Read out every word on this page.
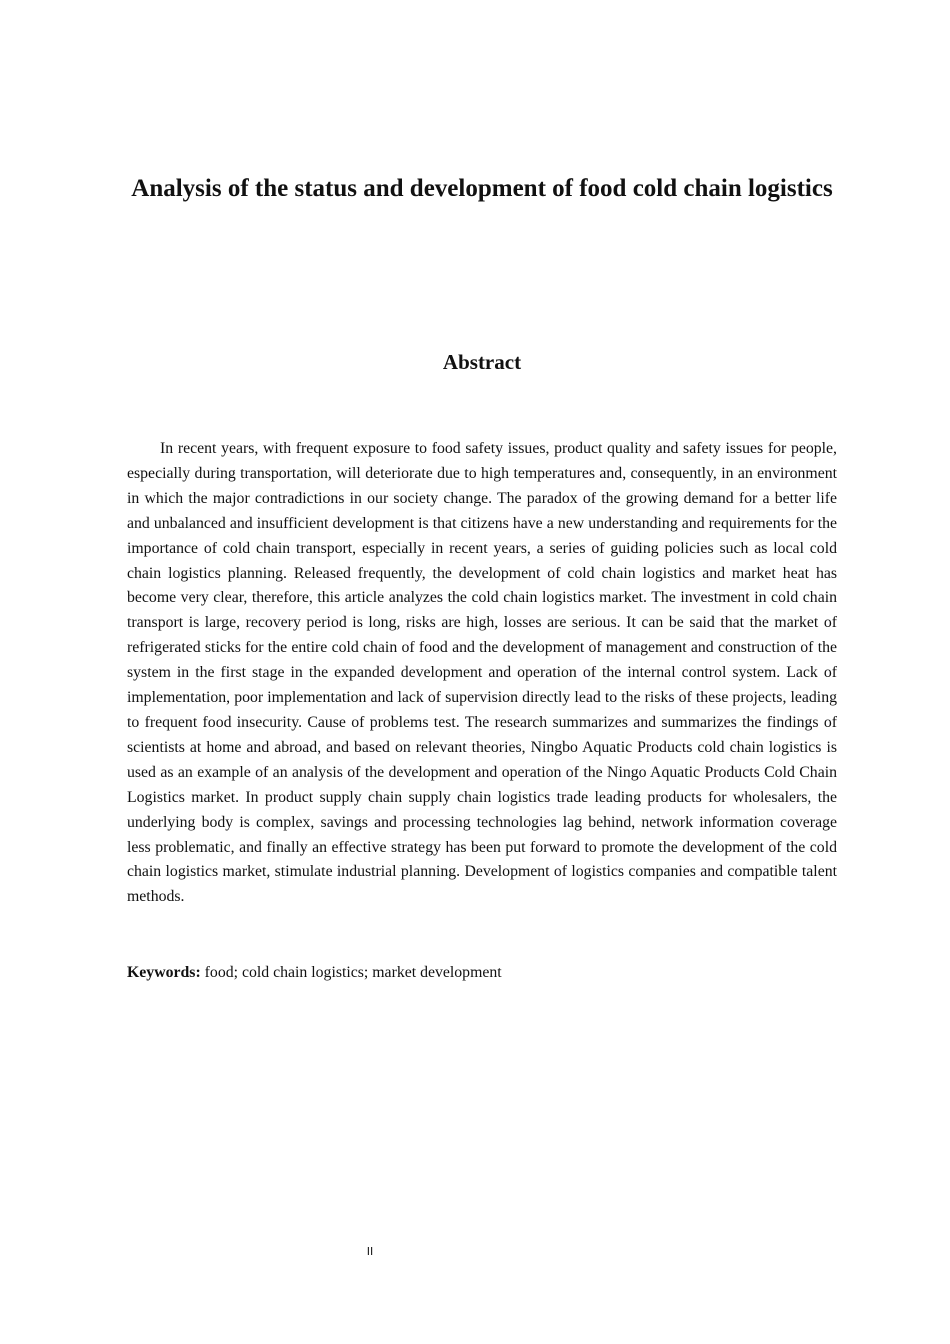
Analysis of the status and development of food cold chain logistics
Abstract

In recent years, with frequent exposure to food safety issues, product quality and safety issues for people, especially during transportation, will deteriorate due to high temperatures and, consequently, in an environment in which the major contradictions in our society change. The paradox of the growing demand for a better life and unbalanced and insufficient development is that citizens have a new understanding and requirements for the importance of cold chain transport, especially in recent years, a series of guiding policies such as local cold chain logistics planning. Released frequently, the development of cold chain logistics and market heat has become very clear, therefore, this article analyzes the cold chain logistics market. The investment in cold chain transport is large, recovery period is long, risks are high, losses are serious. It can be said that the market of refrigerated sticks for the entire cold chain of food and the development of management and construction of the system in the first stage in the expanded development and operation of the internal control system. Lack of implementation, poor implementation and lack of supervision directly lead to the risks of these projects, leading to frequent food insecurity. Cause of problems test. The research summarizes and summarizes the findings of scientists at home and abroad, and based on relevant theories, Ningbo Aquatic Products cold chain logistics is used as an example of an analysis of the development and operation of the Ningo Aquatic Products Cold Chain Logistics market. In product supply chain supply chain logistics trade leading products for wholesalers, the underlying body is complex, savings and processing technologies lag behind, network information coverage less problematic, and finally an effective strategy has been put forward to promote the development of the cold chain logistics market, stimulate industrial planning. Development of logistics companies and compatible talent methods.

Keywords: food; cold chain logistics; market development

II
